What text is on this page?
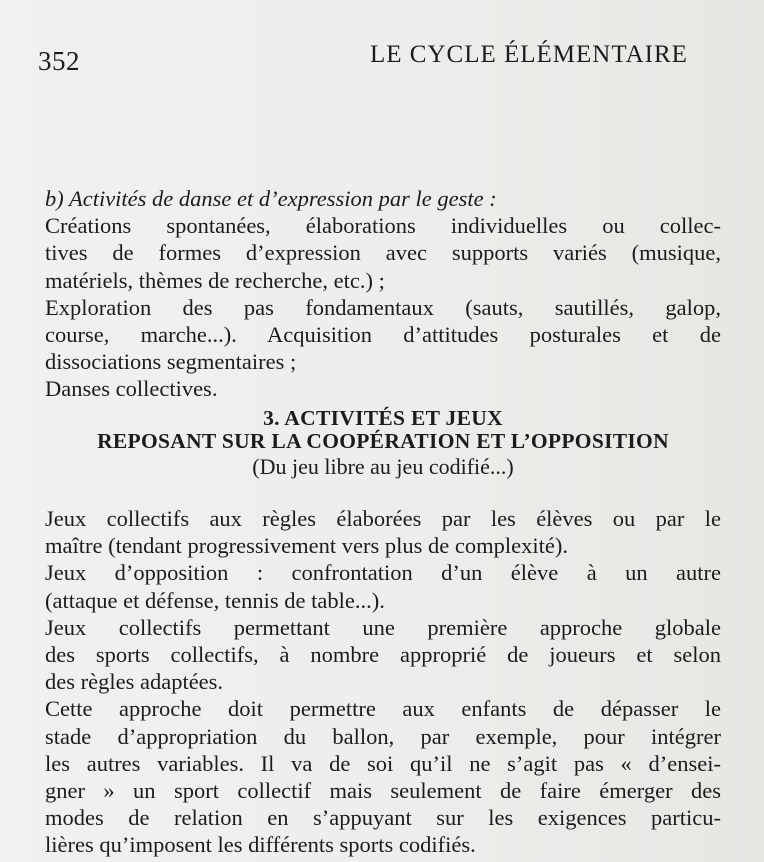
352	LE CYCLE ÉLÉMENTAIRE
b) Activités de danse et d’expression par le geste :
Créations spontanées, élaborations individuelles ou collec-
tives de formes d’expression avec supports variés (musique,
matériels, thèmes de recherche, etc.) ;
Exploration des pas fondamentaux (sauts, sautillés, galop,
course, marche...). Acquisition d’attitudes posturales et de
dissociations segmentaires ;
Danses collectives.
3. ACTIVITÉS ET JEUX
REPOSANT SUR LA COOPÉRATION ET L’OPPOSITION
(Du jeu libre au jeu codifié...)
Jeux collectifs aux règles élaborées par les élèves ou par le
maître (tendant progressivement vers plus de complexité).
Jeux d’opposition : confrontation d’un élève à un autre
(attaque et défense, tennis de table...).
Jeux collectifs permettant une première approche globale
des sports collectifs, à nombre approprié de joueurs et selon
des règles adaptées.
Cette approche doit permettre aux enfants de dépasser le
stade d’appropriation du ballon, par exemple, pour intégrer
les autres variables. Il va de soi qu’il ne s’agit pas « d’ensei-
gner » un sport collectif mais seulement de faire émerger des
modes de relation en s’appuyant sur les exigences particu-
lières qu’imposent les différents sports codifiés.
